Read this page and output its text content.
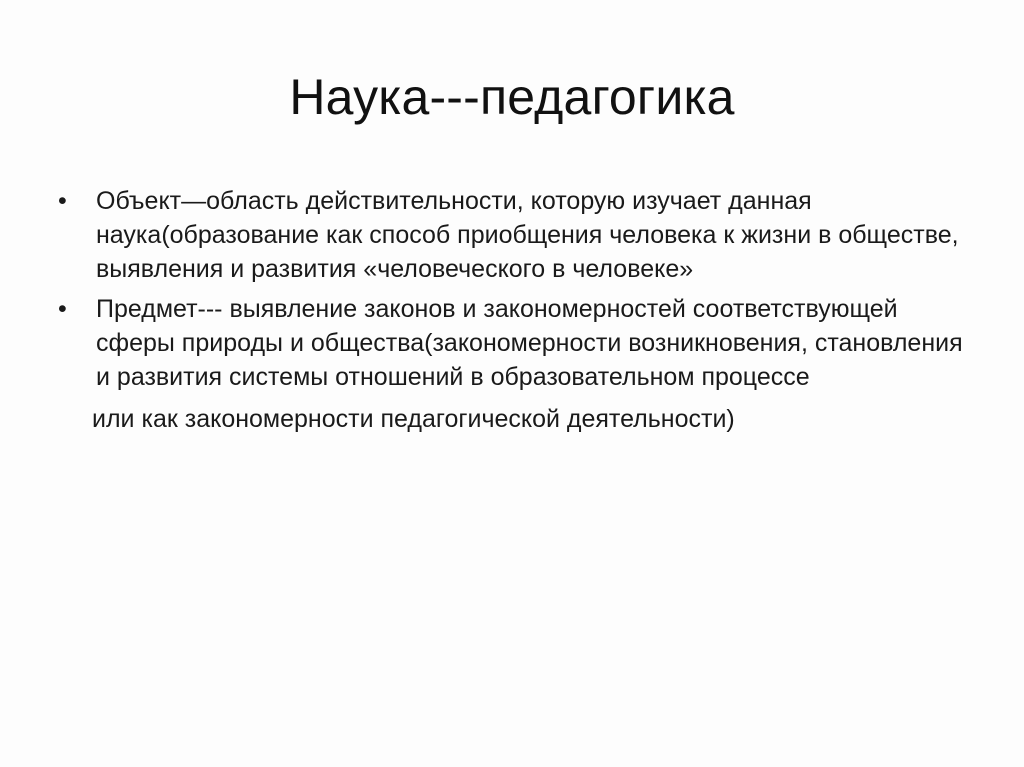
Наука---педагогика
•	Объект—область действительности, которую изучает данная наука(образование как способ приобщения человека к жизни в обществе, выявления и развития «человеческого в человеке»
•	Предмет--- выявление законов и закономерностей соответствующей сферы природы и общества(закономерности возникновения, становления и развития системы отношений в образовательном процессе
или как закономерности педагогической деятельности)
